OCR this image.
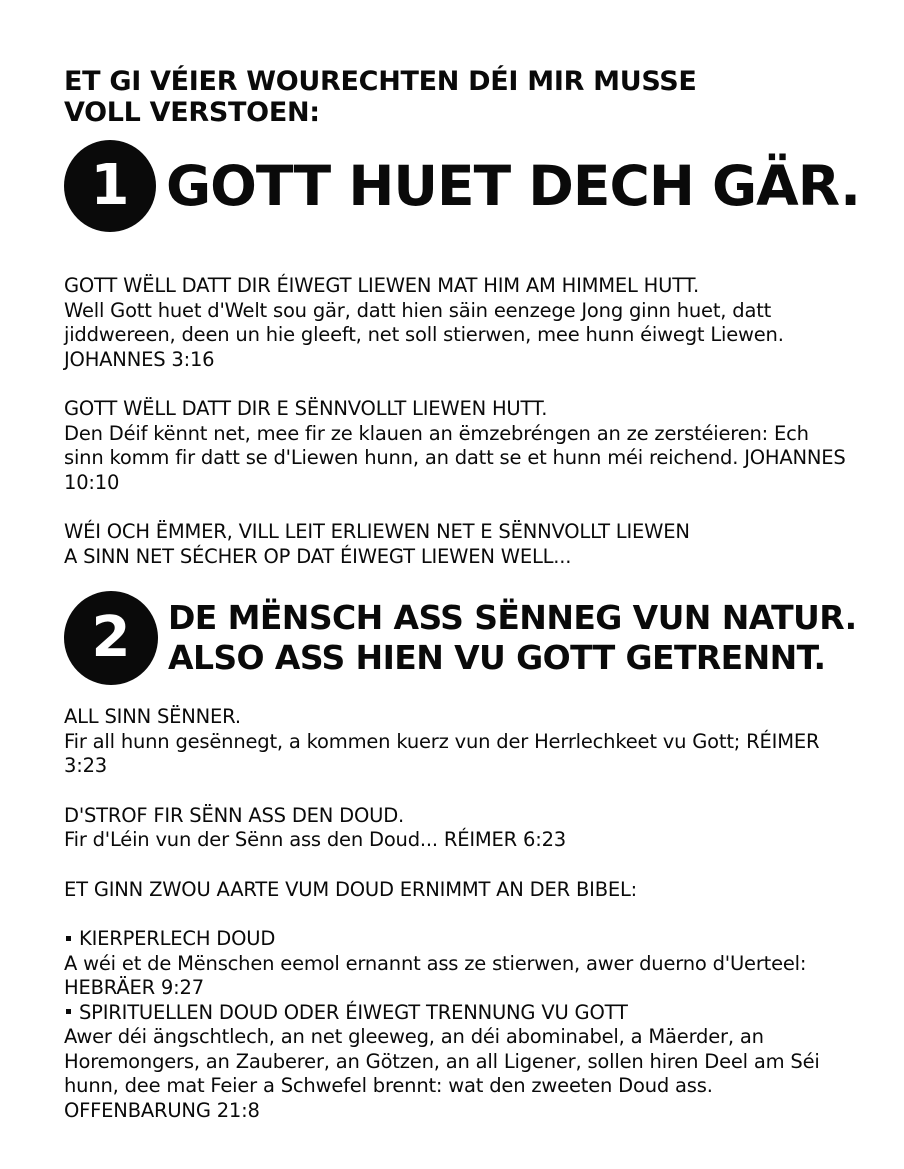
ET GI VÉIER WOURECHTEN DÉI MIR MUSSE
VOLL VERSTOEN:

1 GOTT HUET DECH GÄR.

GOTT WËLL DATT DIR ÉIWEGT LIEWEN MAT HIM AM HIMMEL HUTT.
Well Gott huet d'Welt sou gär, datt hien säin eenzege Jong ginn huet, datt jiddwereen, deen un hie gleeft, net soll stierwen, mee hunn éiwegt Liewen. JOHANNES 3:16

GOTT WËLL DATT DIR E SËNNVOLLT LIEWEN HUTT.
Den Déif kënnt net, mee fir ze klauen an ëmzebréngen an ze zerstéieren: Ech sinn komm fir datt se d'Liewen hunn, an datt se et hunn méi reichend. JOHANNES 10:10

WÉI OCH ËMMER, VILL LEIT ERLIEWEN NET E SËNNVOLLT LIEWEN
A SINN NET SÉCHER OP DAT ÉIWEGT LIEWEN WELL...

2	DE MËNSCH ASS SËNNEG VUN NATUR.
ALSO ASS HIEN VU GOTT GETRENNT.

ALL SINN SËNNER.
Fir all hunn gesënnegt, a kommen kuerz vun der Herrlechkeet vu Gott; RÉIMER 3:23

D'STROF FIR SËNN ASS DEN DOUD.
Fir d'Léin vun der Sënn ass den Doud... RÉIMER 6:23

ET GINN ZWOU AARTE VUM DOUD ERNIMMT AN DER BIBEL:

KIERPERLECH DOUD
A wéi et de Mënschen eemol ernannt ass ze stierwen, awer duerno d'Uerteel: HEBRÄER 9:27

SPIRITUELLEN DOUD ODER ÉIWEGT TRENNUNG VU GOTT
Awer déi ängschtlech, an net gleeweg, an déi abominabel, a Mäerder, an Horemongers, an Zauberer, an Götzen, an all Ligener, sollen hiren Deel am Séi hunn, dee mat Feier a Schwefel brennt: wat den zweeten Doud ass. OFFENBARUNG 21:8
